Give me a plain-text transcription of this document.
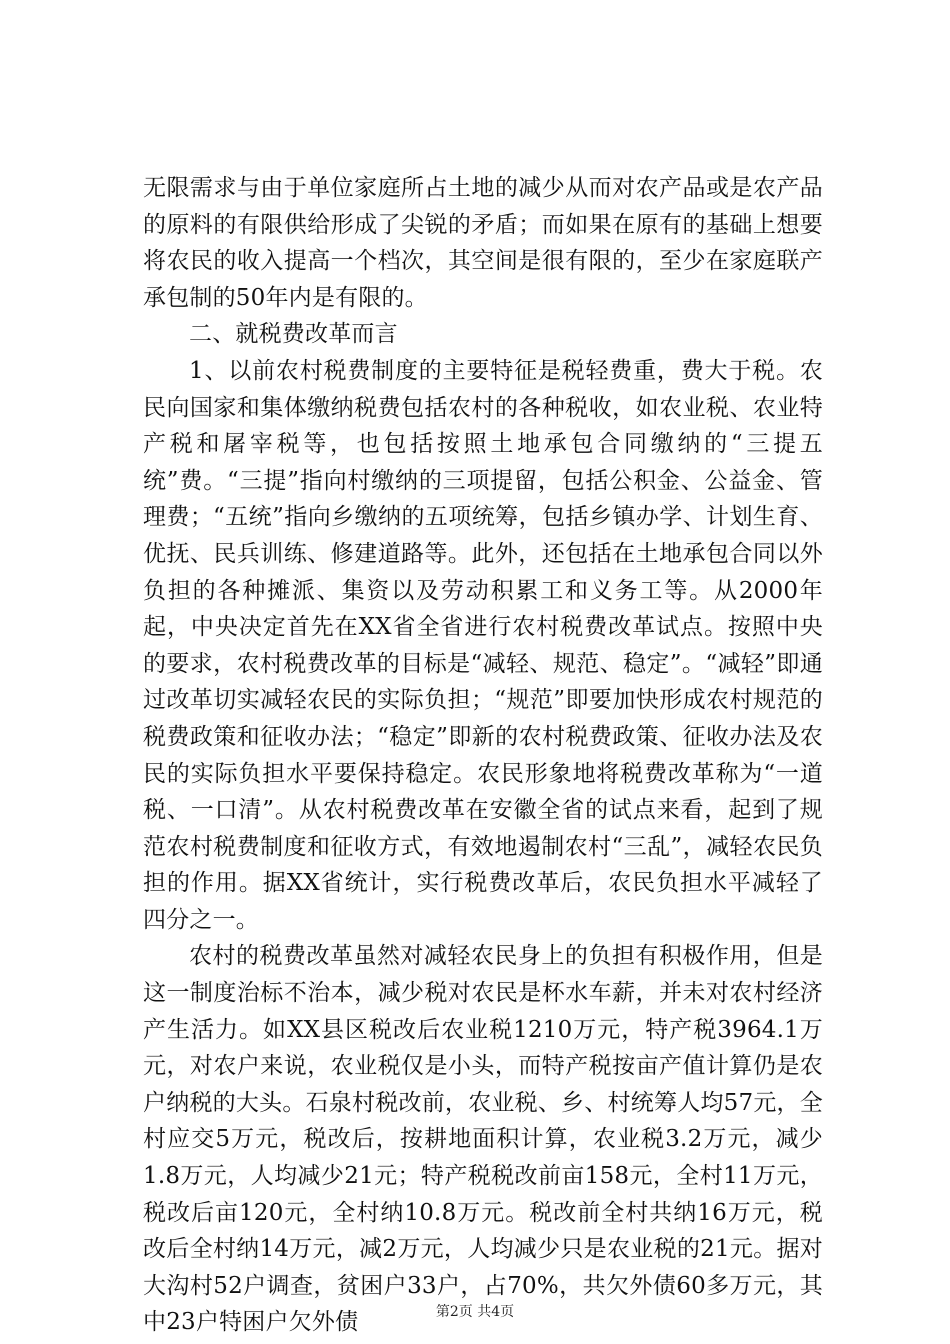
无限需求与由于单位家庭所占土地的减少从而对农产品或是农产品的原料的有限供给形成了尖锐的矛盾；而如果在原有的基础上想要将农民的收入提高一个档次，其空间是很有限的，至少在家庭联产承包制的50年内是有限的。

二、就税费改革而言

1、以前农村税费制度的主要特征是税轻费重，费大于税。农民向国家和集体缴纳税费包括农村的各种税收，如农业税、农业特产税和屠宰税等，也包括按照土地承包合同缴纳的“三提五统”费。“三提”指向村缴纳的三项提留，包括公积金、公益金、管理费；“五统”指向乡缴纳的五项统筹，包括乡镇办学、计划生育、优抚、民兵训练、修建道路等。此外，还包括在土地承包合同以外负担的各种摊派、集资以及劳动积累工和义务工等。从2000年起，中央决定首先在XX省全省进行农村税费改革试点。按照中央的要求，农村税费改革的目标是“减轻、规范、稳定”。“减轻”即通过改革切实减轻农民的实际负担；“规范”即要加快形成农村规范的税费政策和征收办法；“稳定”即新的农村税费政策、征收办法及农民的实际负担水平要保持稳定。农民形象地将税费改革称为“一道税、一口清”。从农村税费改革在安徽全省的试点来看，起到了规范农村税费制度和征收方式，有效地遏制农村“三乱”，减轻农民负担的作用。据XX省统计，实行税费改革后，农民负担水平减轻了四分之一。

农村的税费改革虽然对减轻农民身上的负担有积极作用，但是这一制度治标不治本，减少税对农民是杯水车薪，并未对农村经济产生活力。如XX县区税改后农业税1210万元，特产税3964.1万元，对农户来说，农业税仅是小头，而特产税按亩产值计算仍是农户纳税的大头。石泉村税改前，农业税、乡、村统筹人均57元，全村应交5万元，税改后，按耕地面积计算，农业税3.2万元，减少1.8万元，人均减少21元；特产税税改前亩158元，全村11万元，税改后亩120元，全村纳10.8万元。税改前全村共纳16万元，税改后全村纳14万元，减2万元，人均减少只是农业税的21元。据对大沟村52户调查，贫困户33户，占70%，共欠外债60多万元，其中23户特困户欠外债	第2页 共4页
